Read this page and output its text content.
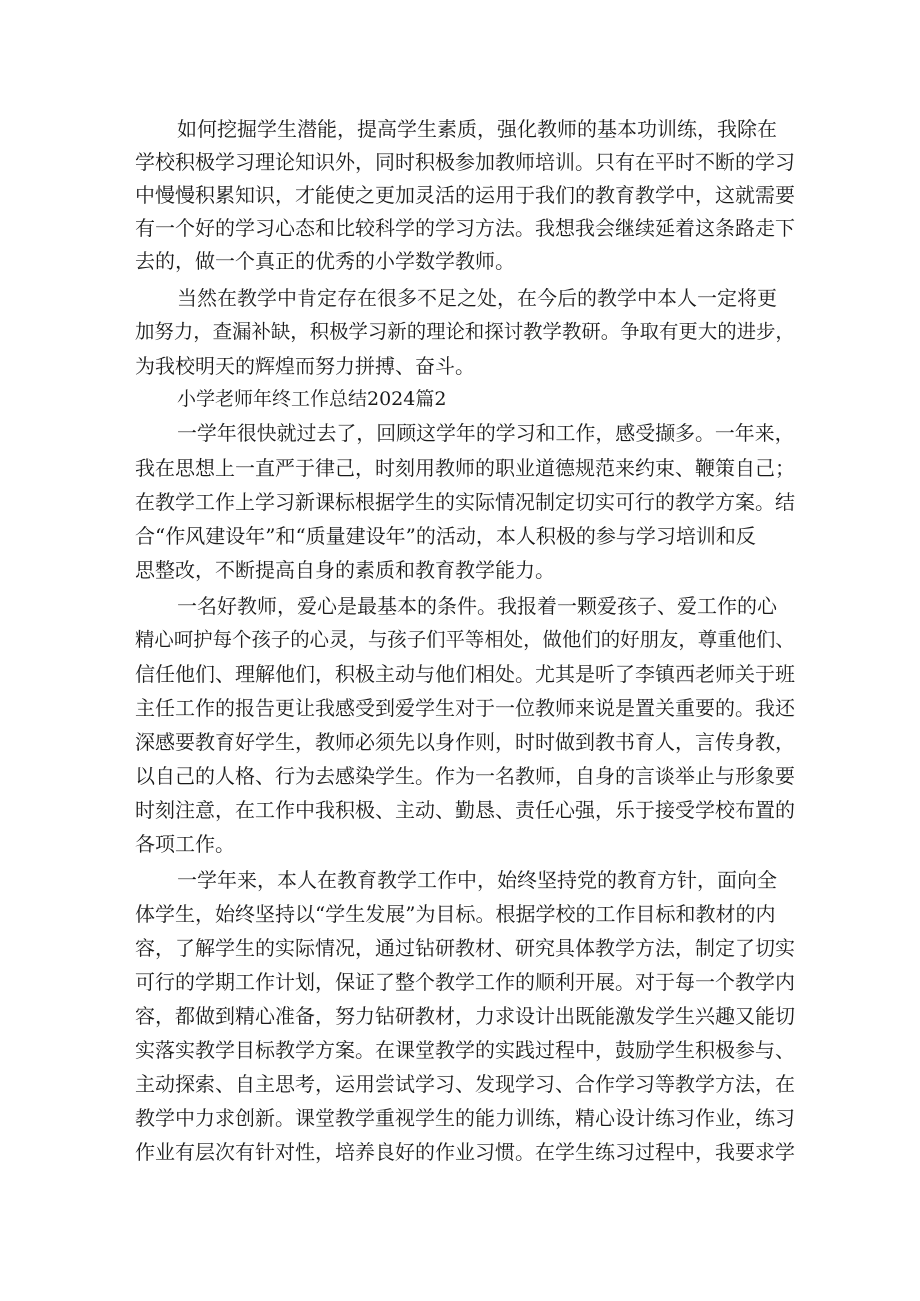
如何挖掘学生潜能，提高学生素质，强化教师的基本功训练，我除在
学校积极学习理论知识外，同时积极参加教师培训。只有在平时不断的学习
中慢慢积累知识，才能使之更加灵活的运用于我们的教育教学中，这就需要
有一个好的学习心态和比较科学的学习方法。我想我会继续延着这条路走下
去的，做一个真正的优秀的小学数学教师。
当然在教学中肯定存在很多不足之处，在今后的教学中本人一定将更
加努力，查漏补缺，积极学习新的理论和探讨教学教研。争取有更大的进步，
为我校明天的辉煌而努力拼搏、奋斗。
小学老师年终工作总结2024篇2
一学年很快就过去了，回顾这学年的学习和工作，感受撷多。一年来，
我在思想上一直严于律己，时刻用教师的职业道德规范来约束、鞭策自己；
在教学工作上学习新课标根据学生的实际情况制定切实可行的教学方案。结
合“作风建设年”和“质量建设年”的活动，本人积极的参与学习培训和反
思整改，不断提高自身的素质和教育教学能力。
一名好教师，爱心是最基本的条件。我报着一颗爱孩子、爱工作的心
精心呵护每个孩子的心灵，与孩子们平等相处，做他们的好朋友，尊重他们、
信任他们、理解他们，积极主动与他们相处。尤其是听了李镇西老师关于班
主任工作的报告更让我感受到爱学生对于一位教师来说是置关重要的。我还
深感要教育好学生，教师必须先以身作则，时时做到教书育人，言传身教，
以自己的人格、行为去感染学生。作为一名教师，自身的言谈举止与形象要
时刻注意，在工作中我积极、主动、勤恳、责任心强，乐于接受学校布置的
各项工作。
一学年来，本人在教育教学工作中，始终坚持党的教育方针，面向全
体学生，始终坚持以“学生发展”为目标。根据学校的工作目标和教材的内
容，了解学生的实际情况，通过钻研教材、研究具体教学方法，制定了切实
可行的学期工作计划，保证了整个教学工作的顺利开展。对于每一个教学内
容，都做到精心准备，努力钻研教材，力求设计出既能激发学生兴趣又能切
实落实教学目标教学方案。在课堂教学的实践过程中，鼓励学生积极参与、
主动探索、自主思考，运用尝试学习、发现学习、合作学习等教学方法，在
教学中力求创新。课堂教学重视学生的能力训练，精心设计练习作业，练习
作业有层次有针对性，培养良好的作业习惯。在学生练习过程中，我要求学
